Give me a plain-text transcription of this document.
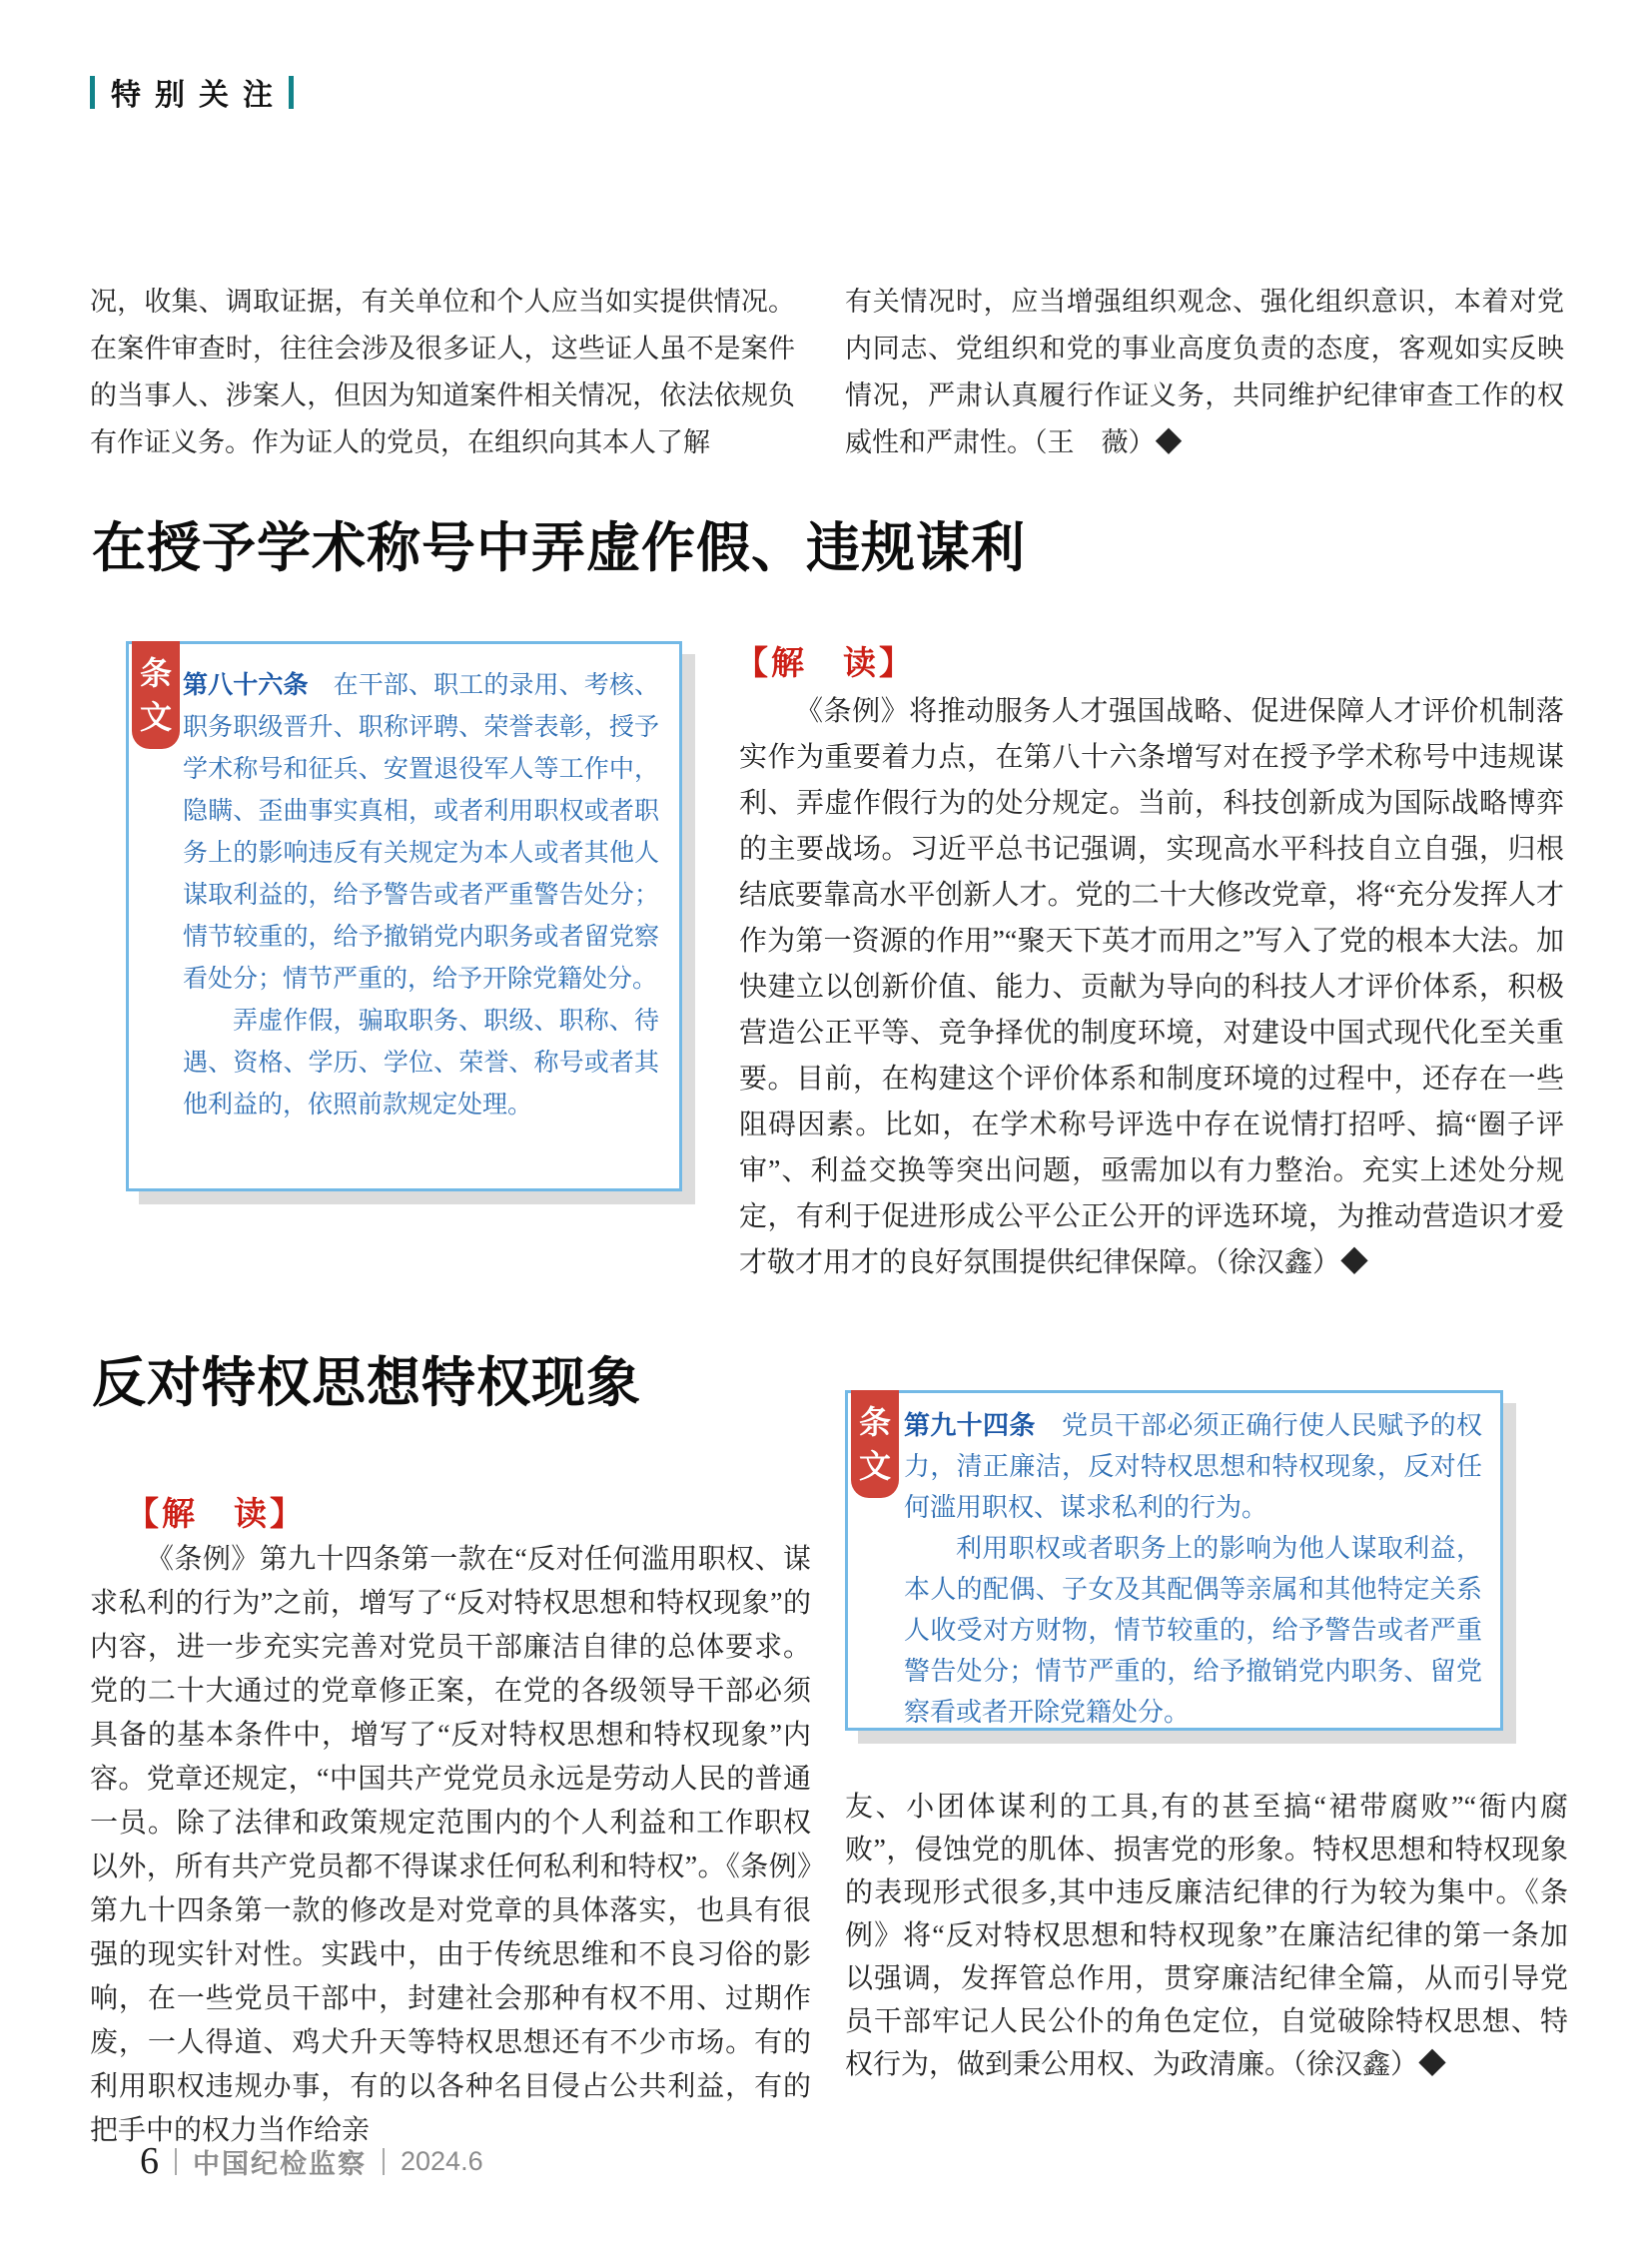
特别关注

况，收集、调取证据，有关单位和个人应当如实提供情况。在案件审查时，往往会涉及很多证人，这些证人虽不是案件的当事人、涉案人，但因为知道案件相关情况，依法依规负有作证义务。作为证人的党员，在组织向其本人了解

有关情况时，应当增强组织观念、强化组织意识，本着对党内同志、党组织和党的事业高度负责的态度，客观如实反映情况，严肃认真履行作证义务，共同维护纪律审查工作的权威性和严肃性。（王　薇）◆

在授予学术称号中弄虚作假、违规谋利
条文

第八十六条　在干部、职工的录用、考核、职务职级晋升、职称评聘、荣誉表彰，授予学术称号和征兵、安置退役军人等工作中，隐瞒、歪曲事实真相，或者利用职权或者职务上的影响违反有关规定为本人或者其他人谋取利益的，给予警告或者严重警告处分；情节较重的，给予撤销党内职务或者留党察看处分；情节严重的，给予开除党籍处分。

弄虚作假，骗取职务、职级、职称、待遇、资格、学历、学位、荣誉、称号或者其他利益的，依照前款规定处理。

【解　读】

《条例》将推动服务人才强国战略、促进保障人才评价机制落实作为重要着力点，在第八十六条增写对在授予学术称号中违规谋利、弄虚作假行为的处分规定。当前，科技创新成为国际战略博弈的主要战场。习近平总书记强调，实现高水平科技自立自强，归根结底要靠高水平创新人才。党的二十大修改党章，将“充分发挥人才作为第一资源的作用”“聚天下英才而用之”写入了党的根本大法。加快建立以创新价值、能力、贡献为导向的科技人才评价体系，积极营造公正平等、竞争择优的制度环境，对建设中国式现代化至关重要。目前，在构建这个评价体系和制度环境的过程中，还存在一些阻碍因素。比如，在学术称号评选中存在说情打招呼、搞“圈子评审”、利益交换等突出问题，亟需加以有力整治。充实上述处分规定，有利于促进形成公平公正公开的评选环境，为推动营造识才爱才敬才用才的良好氛围提供纪律保障。（徐汉鑫）◆

反对特权思想特权现象
【解　读】

《条例》第九十四条第一款在“反对任何滥用职权、谋求私利的行为”之前，增写了“反对特权思想和特权现象”的内容，进一步充实完善对党员干部廉洁自律的总体要求。党的二十大通过的党章修正案，在党的各级领导干部必须具备的基本条件中，增写了“反对特权思想和特权现象”内容。党章还规定，“中国共产党党员永远是劳动人民的普通一员。除了法律和政策规定范围内的个人利益和工作职权以外，所有共产党员都不得谋求任何私利和特权”。《条例》第九十四条第一款的修改是对党章的具体落实，也具有很强的现实针对性。实践中，由于传统思维和不良习俗的影响，在一些党员干部中，封建社会那种有权不用、过期作废，一人得道、鸡犬升天等特权思想还有不少市场。有的利用职权违规办事，有的以各种名目侵占公共利益，有的把手中的权力当作给亲

条文

第九十四条　党员干部必须正确行使人民赋予的权力，清正廉洁，反对特权思想和特权现象，反对任何滥用职权、谋求私利的行为。

利用职权或者职务上的影响为他人谋取利益，本人的配偶、子女及其配偶等亲属和其他特定关系人收受对方财物，情节较重的，给予警告或者严重警告处分；情节严重的，给予撤销党内职务、留党察看或者开除党籍处分。

友、小团体谋利的工具,有的甚至搞“裙带腐败”“衙内腐败”，侵蚀党的肌体、损害党的形象。特权思想和特权现象的表现形式很多,其中违反廉洁纪律的行为较为集中。《条例》将“反对特权思想和特权现象”在廉洁纪律的第一条加以强调，发挥管总作用，贯穿廉洁纪律全篇，从而引导党员干部牢记人民公仆的角色定位，自觉破除特权思想、特权行为，做到秉公用权、为政清廉。（徐汉鑫）◆

6 中国纪检监察 2024.6
